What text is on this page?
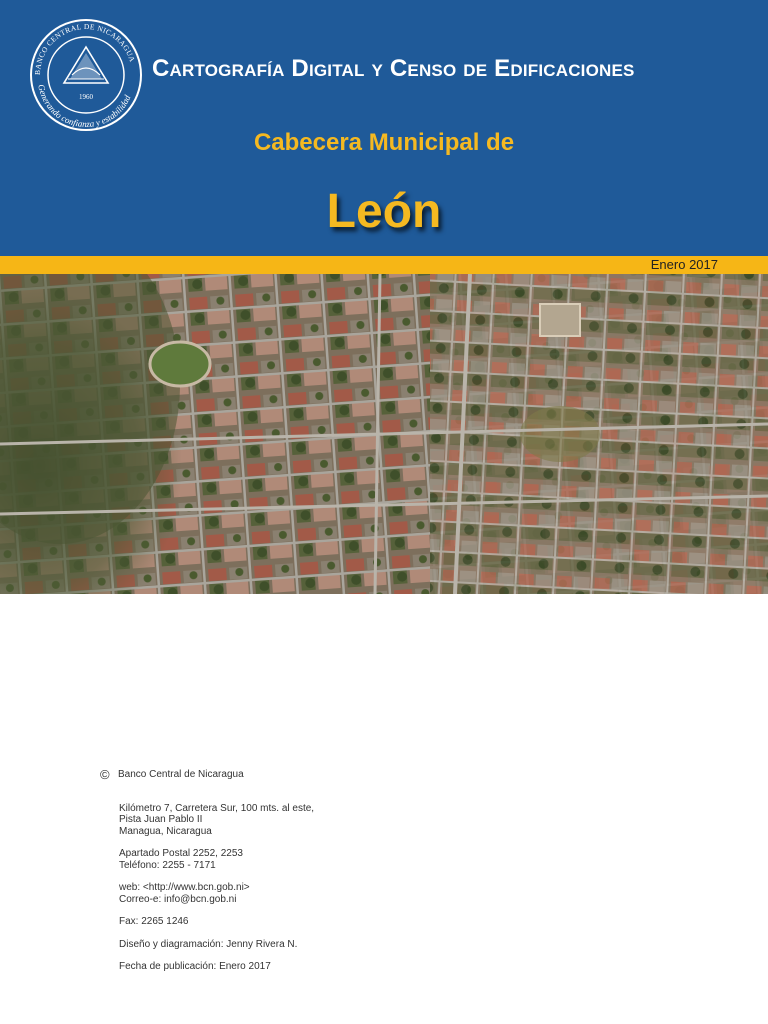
BANCO CENTRAL DE NICARAGUA
1960
Generando confianza y estabilidad
Cartografía Digital y Censo de Edificaciones
Cabecera Municipal de
León
Enero 2017
© Banco Central de Nicaragua
Kilómetro 7, Carretera Sur, 100 mts. al este,
Pista Juan Pablo II
Managua, Nicaragua
Apartado Postal 2252, 2253
Teléfono: 2255 - 7171
web: <http://www.bcn.gob.ni>
Correo-e: info@bcn.gob.ni
Fax: 2265 1246
Diseño y diagramación: Jenny Rivera N.
Fecha de publicación: Enero 2017
